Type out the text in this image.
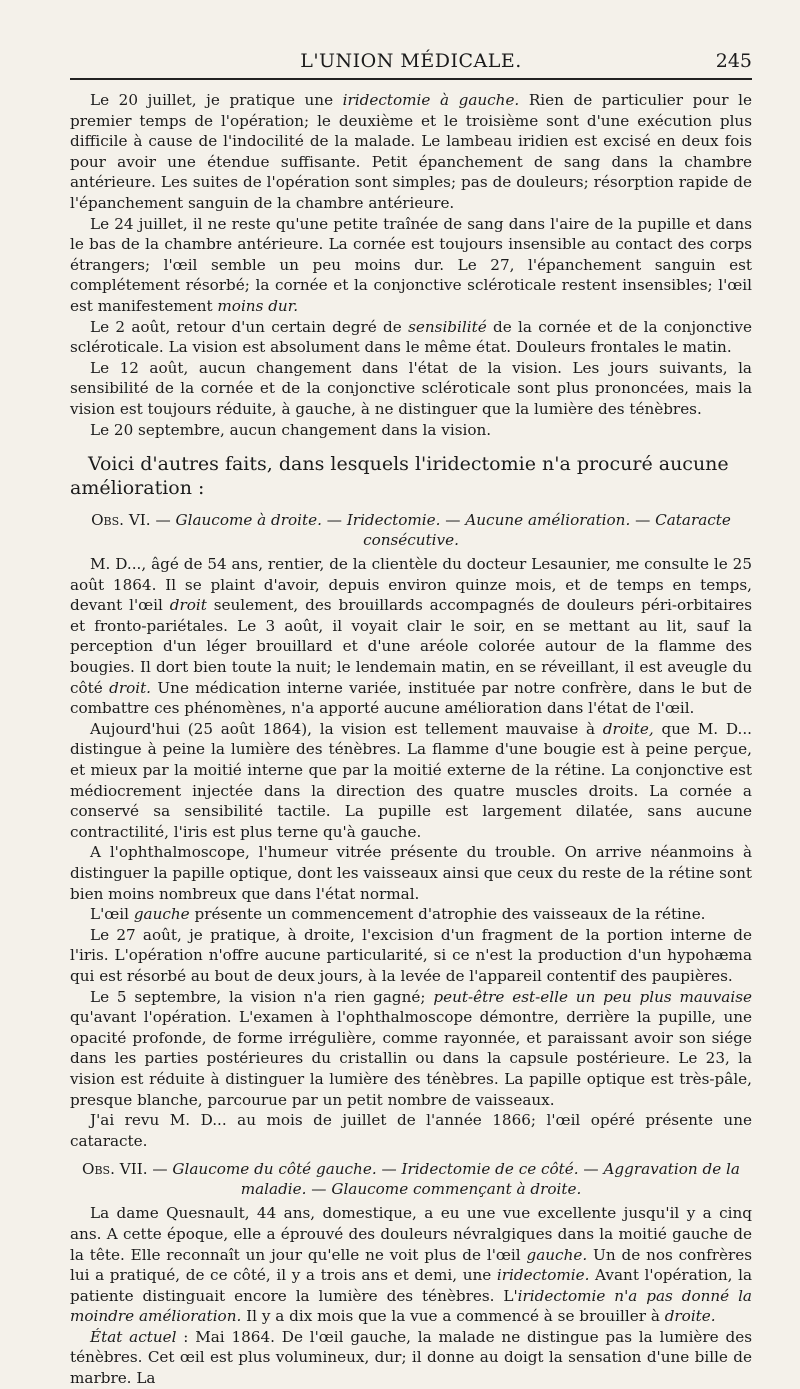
L'UNION MÉDICALE.	245

Le 20 juillet, je pratique une iridectomie à gauche. Rien de particulier pour le premier temps de l'opération; le deuxième et le troisième sont d'une exécution plus difficile à cause de l'indocilité de la malade. Le lambeau iridien est excisé en deux fois pour avoir une étendue suffisante. Petit épanchement de sang dans la chambre antérieure. Les suites de l'opération sont simples; pas de douleurs; résorption rapide de l'épanchement sanguin de la chambre antérieure.

Le 24 juillet, il ne reste qu'une petite traînée de sang dans l'aire de la pupille et dans le bas de la chambre antérieure. La cornée est toujours insensible au contact des corps étrangers; l'œil semble un peu moins dur. Le 27, l'épanchement sanguin est complétement résorbé; la cornée et la conjonctive scléroticale restent insensibles; l'œil est manifestement moins dur.

Le 2 août, retour d'un certain degré de sensibilité de la cornée et de la conjonctive scléroticale. La vision est absolument dans le même état. Douleurs frontales le matin.

Le 12 août, aucun changement dans l'état de la vision. Les jours suivants, la sensibilité de la cornée et de la conjonctive scléroticale sont plus prononcées, mais la vision est toujours réduite, à gauche, à ne distinguer que la lumière des ténèbres.

Le 20 septembre, aucun changement dans la vision.

Voici d'autres faits, dans lesquels l'iridectomie n'a procuré aucune amélioration :

Obs. VI. — Glaucome à droite. — Iridectomie. — Aucune amélioration. — Cataracte consécutive.

M. D..., âgé de 54 ans, rentier, de la clientèle du docteur Lesaunier, me consulte le 25 août 1864. Il se plaint d'avoir, depuis environ quinze mois, et de temps en temps, devant l'œil droit seulement, des brouillards accompagnés de douleurs péri-orbitaires et fronto-pariétales. Le 3 août, il voyait clair le soir, en se mettant au lit, sauf la perception d'un léger brouillard et d'une aréole colorée autour de la flamme des bougies. Il dort bien toute la nuit; le lendemain matin, en se réveillant, il est aveugle du côté droit. Une médication interne variée, instituée par notre confrère, dans le but de combattre ces phénomènes, n'a apporté aucune amélioration dans l'état de l'œil.

Aujourd'hui (25 août 1864), la vision est tellement mauvaise à droite, que M. D... distingue à peine la lumière des ténèbres. La flamme d'une bougie est à peine perçue, et mieux par la moitié interne que par la moitié externe de la rétine. La conjonctive est médiocrement injectée dans la direction des quatre muscles droits. La cornée a conservé sa sensibilité tactile. La pupille est largement dilatée, sans aucune contractilité, l'iris est plus terne qu'à gauche.

A l'ophthalmoscope, l'humeur vitrée présente du trouble. On arrive néanmoins à distinguer la papille optique, dont les vaisseaux ainsi que ceux du reste de la rétine sont bien moins nombreux que dans l'état normal.

L'œil gauche présente un commencement d'atrophie des vaisseaux de la rétine.

Le 27 août, je pratique, à droite, l'excision d'un fragment de la portion interne de l'iris. L'opération n'offre aucune particularité, si ce n'est la production d'un hypohæma qui est résorbé au bout de deux jours, à la levée de l'appareil contentif des paupières.

Le 5 septembre, la vision n'a rien gagné; peut-être est-elle un peu plus mauvaise qu'avant l'opération. L'examen à l'ophthalmoscope démontre, derrière la pupille, une opacité profonde, de forme irrégulière, comme rayonnée, et paraissant avoir son siége dans les parties postérieures du cristallin ou dans la capsule postérieure. Le 23, la vision est réduite à distinguer la lumière des ténèbres. La papille optique est très-pâle, presque blanche, parcourue par un petit nombre de vaisseaux.

J'ai revu M. D... au mois de juillet de l'année 1866; l'œil opéré présente une cataracte.

Obs. VII. — Glaucome du côté gauche. — Iridectomie de ce côté. — Aggravation de la maladie. — Glaucome commençant à droite.

La dame Quesnault, 44 ans, domestique, a eu une vue excellente jusqu'il y a cinq ans. A cette époque, elle a éprouvé des douleurs névralgiques dans la moitié gauche de la tête. Elle reconnaît un jour qu'elle ne voit plus de l'œil gauche. Un de nos confrères lui a pratiqué, de ce côté, il y a trois ans et demi, une iridectomie. Avant l'opération, la patiente distinguait encore la lumière des ténèbres. L'iridectomie n'a pas donné la moindre amélioration. Il y a dix mois que la vue a commencé à se brouiller à droite.

État actuel : Mai 1864. De l'œil gauche, la malade ne distingue pas la lumière des ténèbres. Cet œil est plus volumineux, dur; il donne au doigt la sensation d'une bille de marbre. La
